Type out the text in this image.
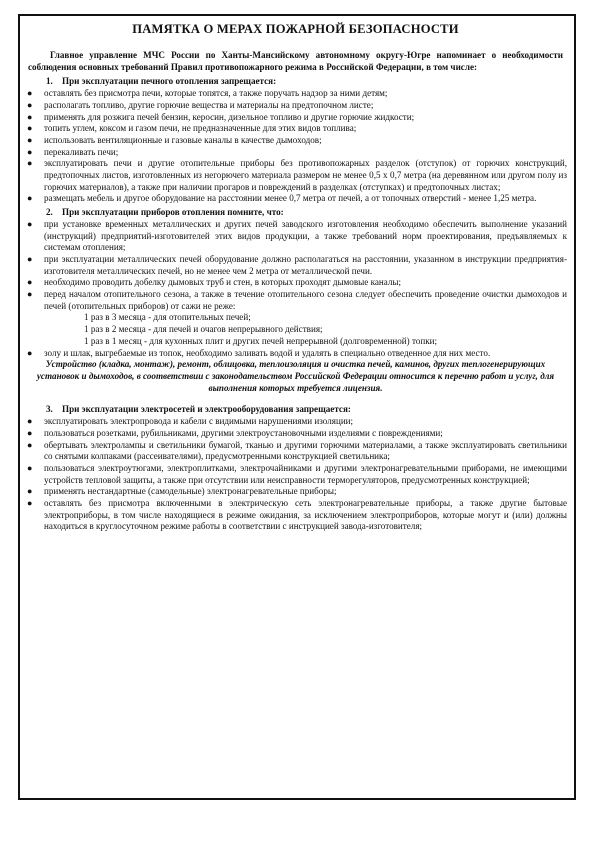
ПАМЯТКА О МЕРАХ ПОЖАРНОЙ БЕЗОПАСНОСТИ
Главное управление МЧС России по Ханты-Мансийскому автономному округу-Югре напоминает о необходимости соблюдения основных требований Правил противопожарного режима в Российской Федерации, в том числе:
1. При эксплуатации печного отопления запрещается:
● оставлять без присмотра печи, которые топятся, а также поручать надзор за ними детям;
● располагать топливо, другие горючие вещества и материалы на предтопочном листе;
● применять для розжига печей бензин, керосин, дизельное топливо и другие горючие жидкости;
● топить углем, коксом и газом печи, не предназначенные для этих видов топлива;
● использовать вентиляционные и газовые каналы в качестве дымоходов;
● перекаливать печи;
● эксплуатировать печи и другие отопительные приборы без противопожарных разделок (отступок) от горючих конструкций, предтопочных листов, изготовленных из негорючего материала размером не менее 0,5 х 0,7 метра (на деревянном или другом полу из горючих материалов), а также при наличии прогаров и повреждений в разделках (отступках) и предтопочных листах;
● размещать мебель и другое оборудование на расстоянии менее 0,7 метра от печей, а от топочных отверстий - менее 1,25 метра.
2. При эксплуатации приборов отопления помните, что:
● при установке временных металлических и других печей заводского изготовления необходимо обеспечить выполнение указаний (инструкций) предприятий-изготовителей этих видов продукции, а также требований норм проектирования, предъявляемых к системам отопления;
● при эксплуатации металлических печей оборудование должно располагаться на расстоянии, указанном в инструкции предприятия-изготовителя металлических печей, но не менее чем 2 метра от металлической печи.
● необходимо проводить добелку дымовых труб и стен, в которых проходят дымовые каналы;
● перед началом отопительного сезона, а также в течение отопительного сезона следует обеспечить проведение очистки дымоходов и печей (отопительных приборов) от сажи не реже:
1 раз в 3 месяца - для отопительных печей;
1 раз в 2 месяца - для печей и очагов непрерывного действия;
1 раз в 1 месяц - для кухонных плит и других печей непрерывной (долговременной) топки;
● золу и шлак, выгребаемые из топок, необходимо заливать водой и удалять в специально отведенное для них место.
Устройство (кладка, монтаж), ремонт, облицовка, теплоизоляция и очистка печей, каминов, других теплогенерирующих установок и дымоходов, в соответствии с законодательством Российской Федерации относится к перечню работ и услуг, для выполнения которых требуется лицензия.
3. При эксплуатации электросетей и электрооборудования запрещается:
● эксплуатировать электропровода и кабели с видимыми нарушениями изоляции;
● пользоваться розетками, рубильниками, другими электроустановочными изделиями с повреждениями;
● обертывать электролампы и светильники бумагой, тканью и другими горючими материалами, а также эксплуатировать светильники со снятыми колпаками (рассеивателями), предусмотренными конструкцией светильника;
● пользоваться электроутюгами, электроплитками, электрочайниками и другими электронагревательными приборами, не имеющими устройств тепловой защиты, а также при отсутствии или неисправности терморегуляторов, предусмотренных конструкцией;
● применять нестандартные (самодельные) электронагревательные приборы;
● оставлять без присмотра включенными в электрическую сеть электронагревательные приборы, а также другие бытовые электроприборы, в том числе находящиеся в режиме ожидания, за исключением электроприборов, которые могут и (или) должны находиться в круглосуточном режиме работы в соответствии с инструкцией завода-изготовителя;
